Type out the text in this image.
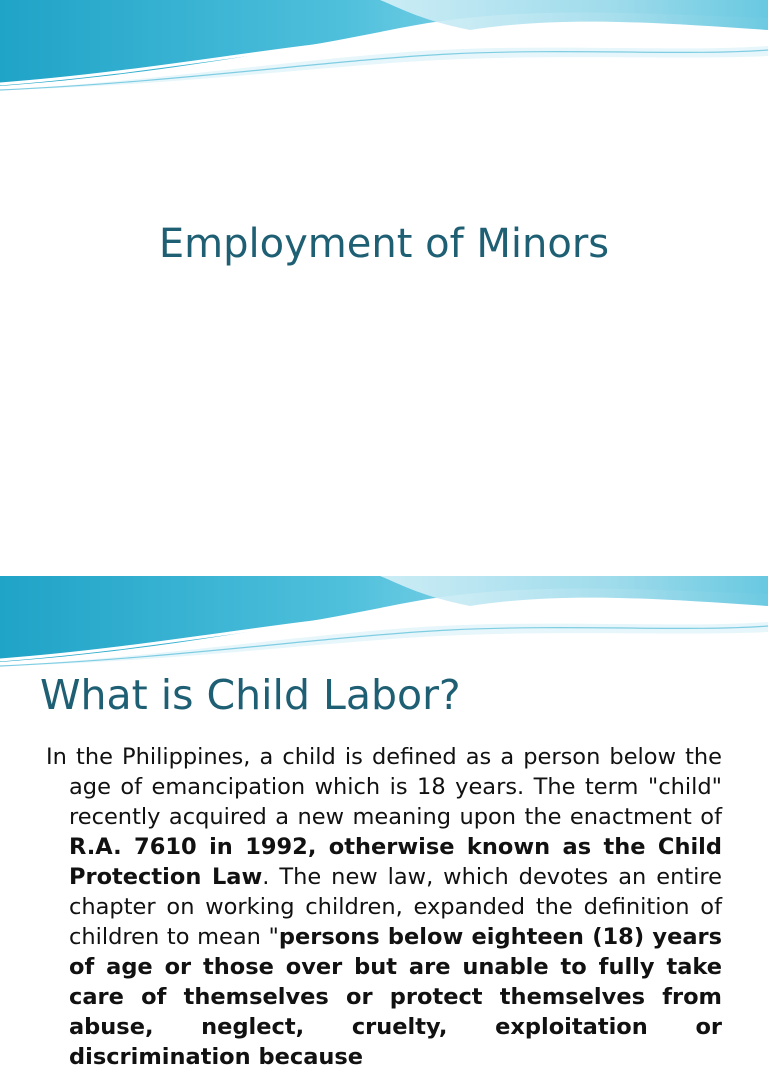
Employment of Minors
What is Child Labor?

In the Philippines, a child is defined as a person below the age of emancipation which is 18 years. The term "child" recently acquired a new meaning upon the enactment of R.A. 7610 in 1992, otherwise known as the Child Protection Law. The new law, which devotes an entire chapter on working children, expanded the definition of children to mean "persons below eighteen (18) years of age or those over but are unable to fully take care of themselves or protect themselves from abuse, neglect, cruelty, exploitation or discrimination because
